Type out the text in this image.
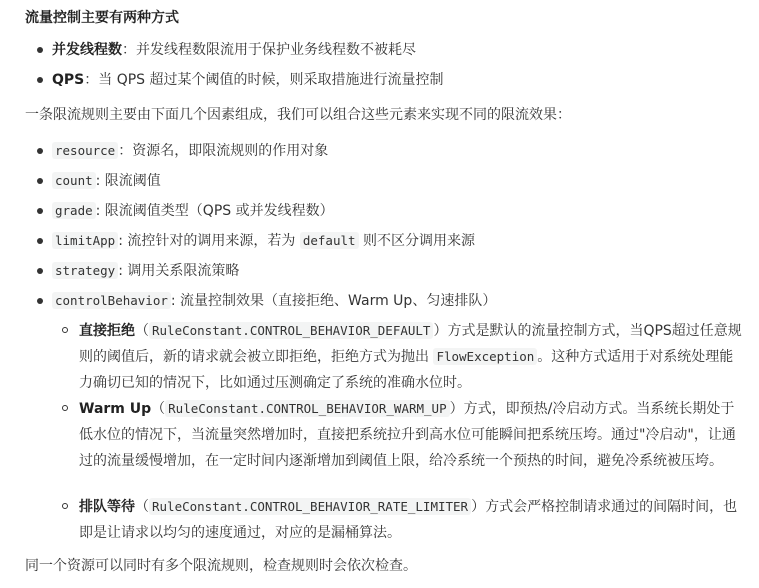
流量控制主要有两种方式
并发线程数：并发线程数限流用于保护业务线程数不被耗尽
QPS：当 QPS 超过某个阈值的时候，则采取措施进行流量控制
一条限流规则主要由下面几个因素组成，我们可以组合这些元素来实现不同的限流效果：
resource ：资源名，即限流规则的作用对象
count : 限流阈值
grade : 限流阈值类型（QPS 或并发线程数）
limitApp : 流控针对的调用来源，若为 default 则不区分调用来源
strategy : 调用关系限流策略
controlBehavior : 流量控制效果（直接拒绝、Warm Up、匀速排队）
直接拒绝（ RuleConstant.CONTROL_BEHAVIOR_DEFAULT ）方式是默认的流量控制方式，当QPS超过任意规则的阈值后，新的请求就会被立即拒绝，拒绝方式为抛出 FlowException 。这种方式适用于对系统处理能力确切已知的情况下，比如通过压测确定了系统的准确水位时。
Warm Up（ RuleConstant.CONTROL_BEHAVIOR_WARM_UP ）方式，即预热/冷启动方式。当系统长期处于低水位的情况下，当流量突然增加时，直接把系统拉升到高水位可能瞬间把系统压垮。通过"冷启动"，让通过的流量缓慢增加，在一定时间内逐渐增加到阈值上限，给冷系统一个预热的时间，避免冷系统被压垮。
排队等待（ RuleConstant.CONTROL_BEHAVIOR_RATE_LIMITER ）方式会严格控制请求通过的间隔时间，也即是让请求以均匀的速度通过，对应的是漏桶算法。
同一个资源可以同时有多个限流规则，检查规则时会依次检查。
